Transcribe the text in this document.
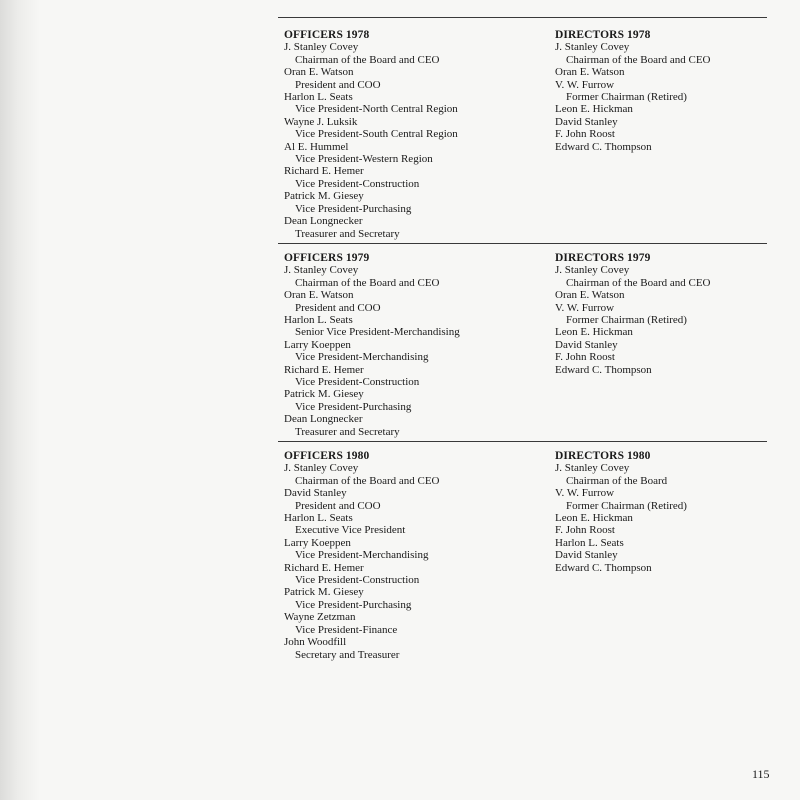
OFFICERS 1978
J. Stanley Covey
Chairman of the Board and CEO
Oran E. Watson
President and COO
Harlon L. Seats
Vice President-North Central Region
Wayne J. Luksik
Vice President-South Central Region
Al E. Hummel
Vice President-Western Region
Richard E. Hemer
Vice President-Construction
Patrick M. Giesey
Vice President-Purchasing
Dean Longnecker
Treasurer and Secretary
DIRECTORS 1978
J. Stanley Covey
Chairman of the Board and CEO
Oran E. Watson
V. W. Furrow
Former Chairman (Retired)
Leon E. Hickman
David Stanley
F. John Roost
Edward C. Thompson
OFFICERS 1979
J. Stanley Covey
Chairman of the Board and CEO
Oran E. Watson
President and COO
Harlon L. Seats
Senior Vice President-Merchandising
Larry Koeppen
Vice President-Merchandising
Richard E. Hemer
Vice President-Construction
Patrick M. Giesey
Vice President-Purchasing
Dean Longnecker
Treasurer and Secretary
DIRECTORS 1979
J. Stanley Covey
Chairman of the Board and CEO
Oran E. Watson
V. W. Furrow
Former Chairman (Retired)
Leon E. Hickman
David Stanley
F. John Roost
Edward C. Thompson
OFFICERS 1980
J. Stanley Covey
Chairman of the Board and CEO
David Stanley
President and COO
Harlon L. Seats
Executive Vice President
Larry Koeppen
Vice President-Merchandising
Richard E. Hemer
Vice President-Construction
Patrick M. Giesey
Vice President-Purchasing
Wayne Zetzman
Vice President-Finance
John Woodfill
Secretary and Treasurer
DIRECTORS 1980
J. Stanley Covey
Chairman of the Board
V. W. Furrow
Former Chairman (Retired)
Leon E. Hickman
F. John Roost
Harlon L. Seats
David Stanley
Edward C. Thompson
115
